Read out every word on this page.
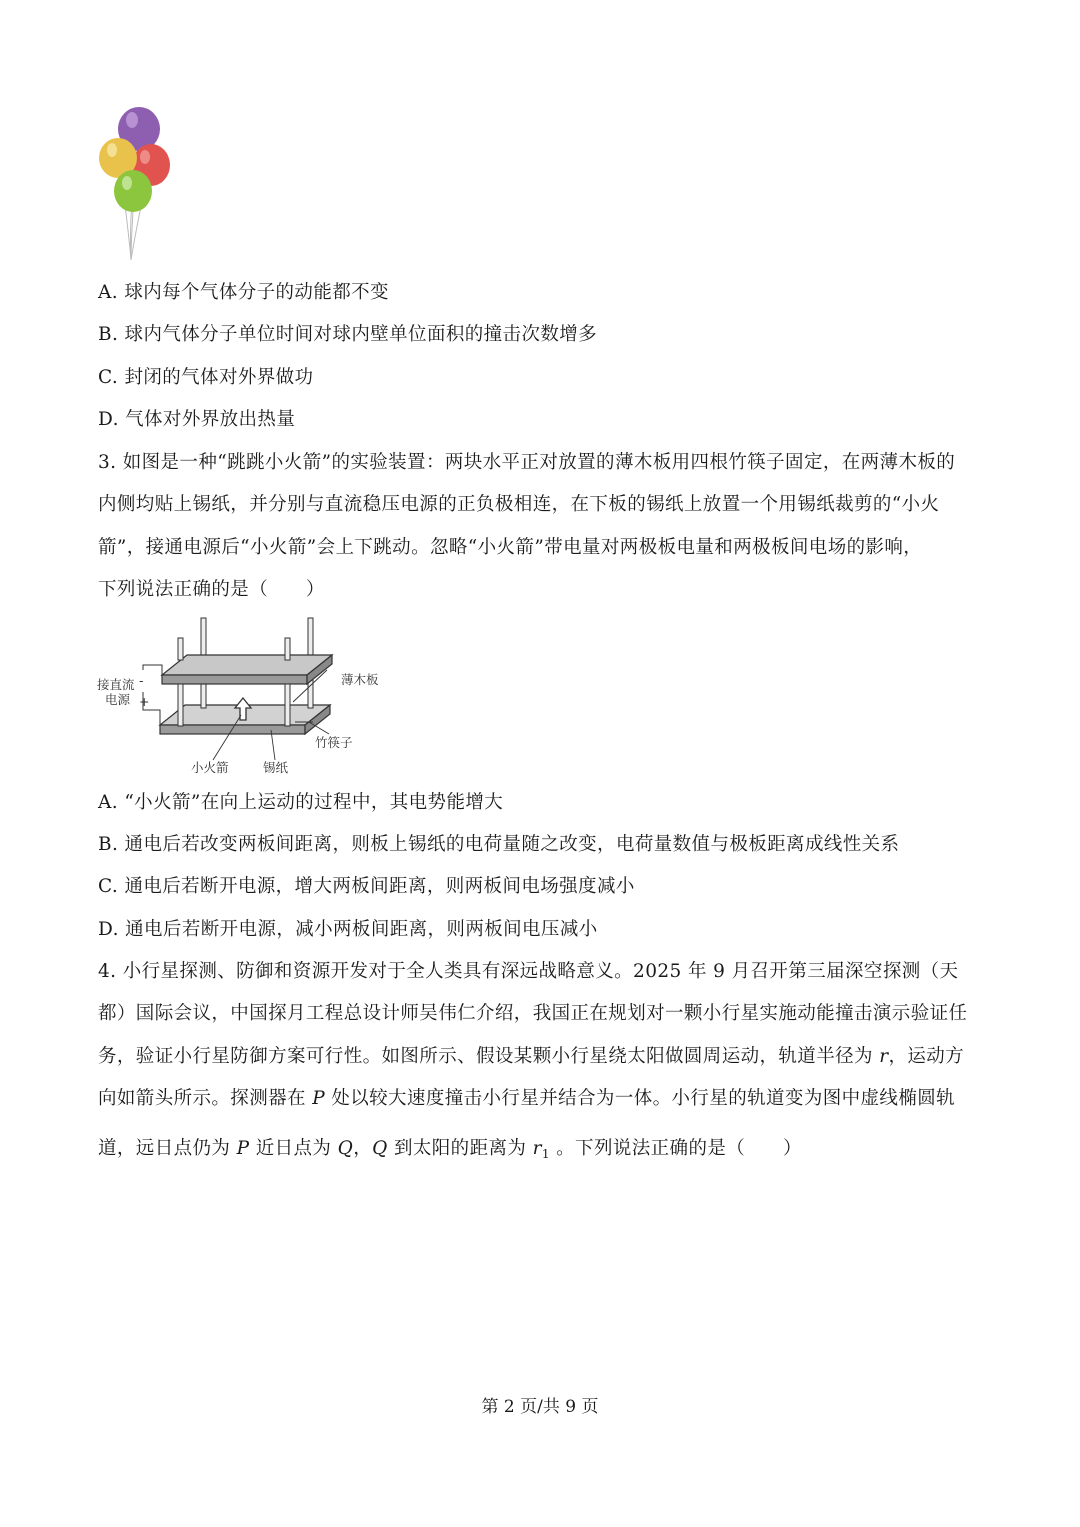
A. 球内每个气体分子的动能都不变
B. 球内气体分子单位时间对球内壁单位面积的撞击次数增多
C. 封闭的气体对外界做功
D. 气体对外界放出热量
3. 如图是一种“跳跳小火箭”的实验装置：两块水平正对放置的薄木板用四根竹筷子固定，在两薄木板的
内侧均贴上锡纸，并分别与直流稳压电源的正负极相连，在下板的锡纸上放置一个用锡纸裁剪的“小火
箭”，接通电源后“小火箭”会上下跳动。忽略“小火箭”带电量对两极板电量和两极板间电场的影响，
下列说法正确的是（　　）
接直流
电源
-
+
薄木板
竹筷子
小火箭	锡纸
A. “小火箭”在向上运动的过程中，其电势能增大
B. 通电后若改变两板间距离，则板上锡纸的电荷量随之改变，电荷量数值与极板距离成线性关系
C. 通电后若断开电源，增大两板间距离，则两板间电场强度减小
D. 通电后若断开电源，减小两板间距离，则两板间电压减小
4. 小行星探测、防御和资源开发对于全人类具有深远战略意义。2025 年 9 月召开第三届深空探测（天
都）国际会议，中国探月工程总设计师吴伟仁介绍，我国正在规划对一颗小行星实施动能撞击演示验证任
务，验证小行星防御方案可行性。如图所示、假设某颗小行星绕太阳做圆周运动，轨道半径为 r，运动方
向如箭头所示。探测器在 P 处以较大速度撞击小行星并结合为一体。小行星的轨道变为图中虚线椭圆轨
道，远日点仍为 P 近日点为 Q，Q 到太阳的距离为 $r_1$ 。下列说法正确的是（　　）
第 2 页/共 9 页
